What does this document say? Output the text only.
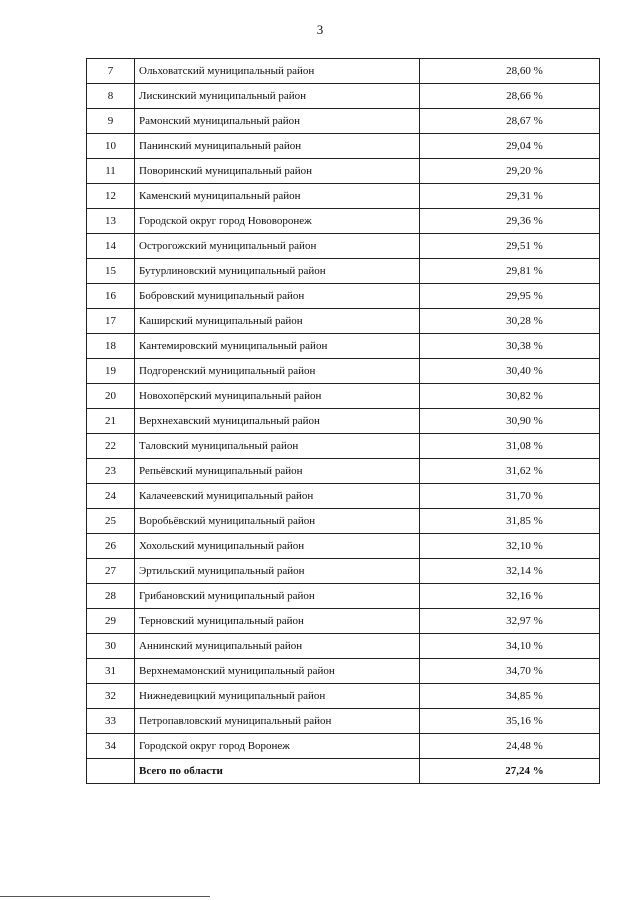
3
7	Ольховатский муниципальный район	28,60 %
8	Лискинский муниципальный район	28,66 %
9	Рамонский муниципальный район	28,67 %
10	Панинский муниципальный район	29,04 %
11	Поворинский муниципальный район	29,20 %
12	Каменский муниципальный район	29,31 %
13	Городской округ город Нововоронеж	29,36 %
14	Острогожский муниципальный район	29,51 %
15	Бутурлиновский муниципальный район	29,81 %
16	Бобровский муниципальный район	29,95 %
17	Каширский муниципальный район	30,28 %
18	Кантемировский муниципальный район	30,38 %
19	Подгоренский муниципальный район	30,40 %
20	Новохопёрский муниципальный район	30,82 %
21	Верхнехавский муниципальный район	30,90 %
22	Таловский муниципальный район	31,08 %
23	Репьёвский муниципальный район	31,62 %
24	Калачеевский муниципальный район	31,70 %
25	Воробьёвский муниципальный район	31,85 %
26	Хохольский муниципальный район	32,10 %
27	Эртильский муниципальный район	32,14 %
28	Грибановский муниципальный район	32,16 %
29	Терновский муниципальный район	32,97 %
30	Аннинский муниципальный район	34,10 %
31	Верхнемамонский муниципальный район	34,70 %
32	Нижнедевицкий муниципальный район	34,85 %
33	Петропавловский муниципальный район	35,16 %
34	Городской округ город Воронеж	24,48 %
	Всего по области	27,24 %
